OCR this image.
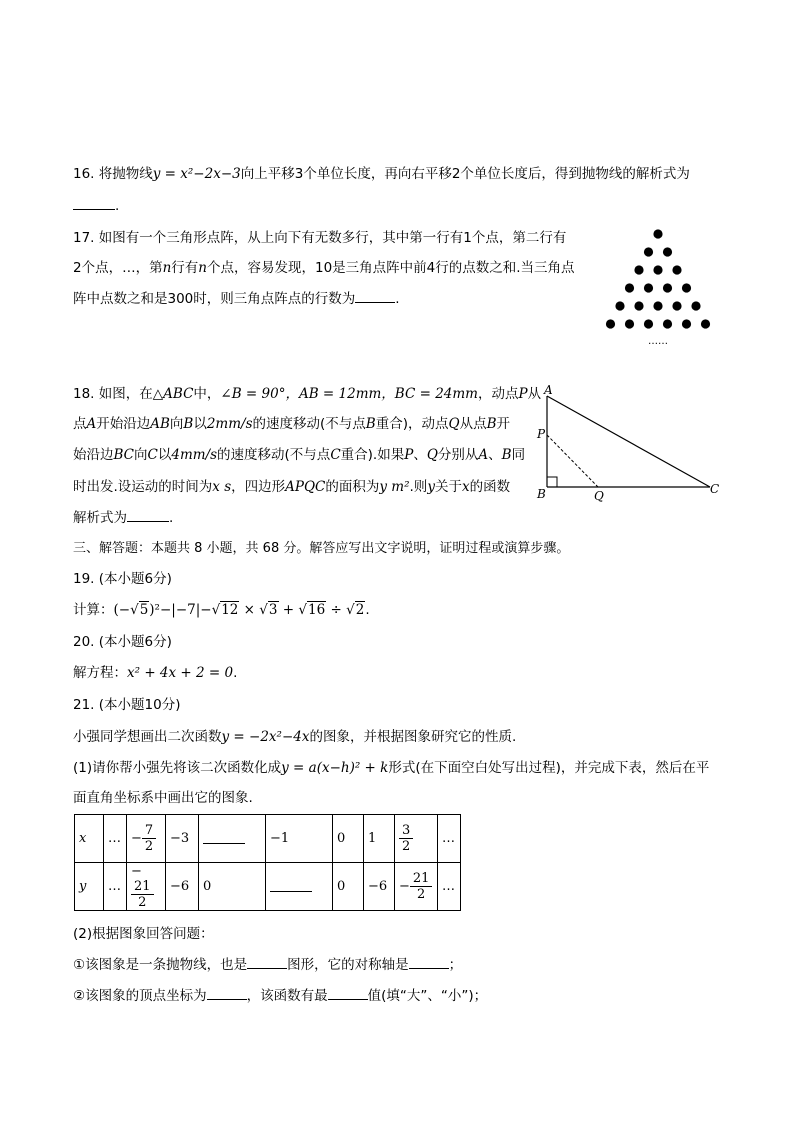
16. 将抛物线y = x²−2x−3向上平移3个单位长度，再向右平移2个单位长度后，得到抛物线的解析式为
.
17. 如图有一个三角形点阵，从上向下有无数多行，其中第一行有1个点，第二行有
2个点，…，第n行有n个点，容易发现，10是三角点阵中前4行的点数之和.当三角点
阵中点数之和是300时，则三角点阵点的行数为	.
……
18. 如图，在△ABC中，∠B = 90°，AB = 12mm，BC = 24mm，动点P从
点A开始沿边AB向B以2mm/s的速度移动(不与点B重合)，动点Q从点B开
始沿边BC向C以4mm/s的速度移动(不与点C重合).如果P、Q分别从A、B同
时出发.设运动的时间为x s，四边形APQC的面积为y m².则y关于x的函数
解析式为	.
A
P
B	Q	C
三、解答题：本题共 8 小题，共 68 分。解答应写出文字说明，证明过程或演算步骤。
19. (本小题6分)
计算：(−√5)²−|−7|−√12 × √3 + √16 ÷ √2.
20. (本小题6分)
解方程：x² + 4x + 2 = 0.
21. (本小题10分)
小强同学想画出二次函数y = −2x²−4x的图象，并根据图象研究它的性质.
(1)请你帮小强先将该二次函数化成y = a(x−h)² + k形式(在下面空白处写出过程)，并完成下表，然后在平
面直角坐标系中画出它的图象.
x	…	− $\frac{7}{2}$	−3		−1	0	1	$\frac{3}{2}$	…
y	…	−
$\frac{21}{2}$	−6	0		0	−6	− $\frac{21}{2}$	…
(2)根据图象回答问题：
①该图象是一条抛物线，也是	图形，它的对称轴是	；
②该图象的顶点坐标为	，该函数有最	值(填“大”、“小”)；
